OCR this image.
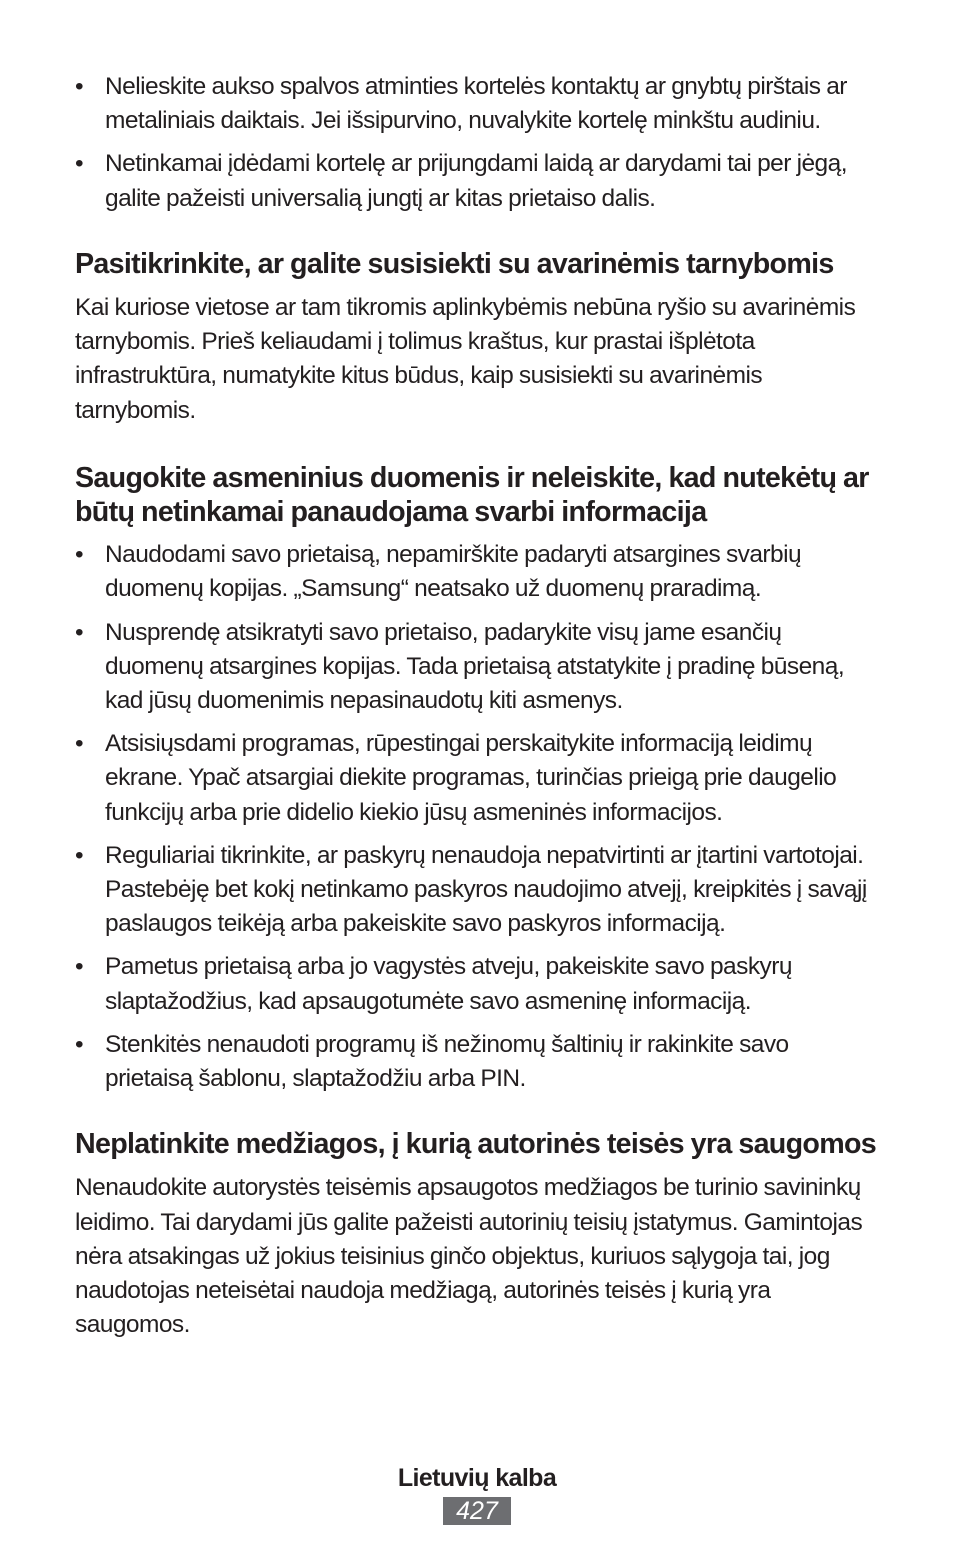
• Nelieskite aukso spalvos atminties kortelės kontaktų ar gnybtų pirštais ar metaliniais daiktais. Jei išsipurvino, nuvalykite kortelę minkštu audiniu.
• Netinkamai įdėdami kortelę ar prijungdami laidą ar darydami tai per jėgą, galite pažeisti universalią jungtį ar kitas prietaiso dalis.
Pasitikrinkite, ar galite susisiekti su avarinėmis tarnybomis

Kai kuriose vietose ar tam tikromis aplinkybėmis nebūna ryšio su avarinėmis tarnybomis. Prieš keliaudami į tolimus kraštus, kur prastai išplėtota infrastruktūra, numatykite kitus būdus, kaip susisiekti su avarinėmis tarnybomis.

Saugokite asmeninius duomenis ir neleiskite, kad nutekėtų ar būtų netinkamai panaudojama svarbi informacija
• Naudodami savo prietaisą, nepamirškite padaryti atsargines svarbių duomenų kopijas. „Samsung“ neatsako už duomenų praradimą.
• Nusprendę atsikratyti savo prietaiso, padarykite visų jame esančių duomenų atsargines kopijas. Tada prietaisą atstatykite į pradinę būseną, kad jūsų duomenimis nepasinaudotų kiti asmenys.
• Atsisiųsdami programas, rūpestingai perskaitykite informaciją leidimų ekrane. Ypač atsargiai diekite programas, turinčias prieigą prie daugelio funkcijų arba prie didelio kiekio jūsų asmeninės informacijos.
• Reguliariai tikrinkite, ar paskyrų nenaudoja nepatvirtinti ar įtartini vartotojai. Pastebėję bet kokį netinkamo paskyros naudojimo atvejį, kreipkitės į savąjį paslaugos teikėją arba pakeiskite savo paskyros informaciją.
• Pametus prietaisą arba jo vagystės atveju, pakeiskite savo paskyrų slaptažodžius, kad apsaugotumėte savo asmeninę informaciją.
• Stenkitės nenaudoti programų iš nežinomų šaltinių ir rakinkite savo prietaisą šablonu, slaptažodžiu arba PIN.
Neplatinkite medžiagos, į kurią autorinės teisės yra saugomos

Nenaudokite autorystės teisėmis apsaugotos medžiagos be turinio savininkų leidimo. Tai darydami jūs galite pažeisti autorinių teisių įstatymus. Gamintojas nėra atsakingas už jokius teisinius ginčo objektus, kuriuos sąlygoja tai, jog naudotojas neteisėtai naudoja medžiagą, autorinės teisės į kurią yra saugomos.

Lietuvių kalba
427
